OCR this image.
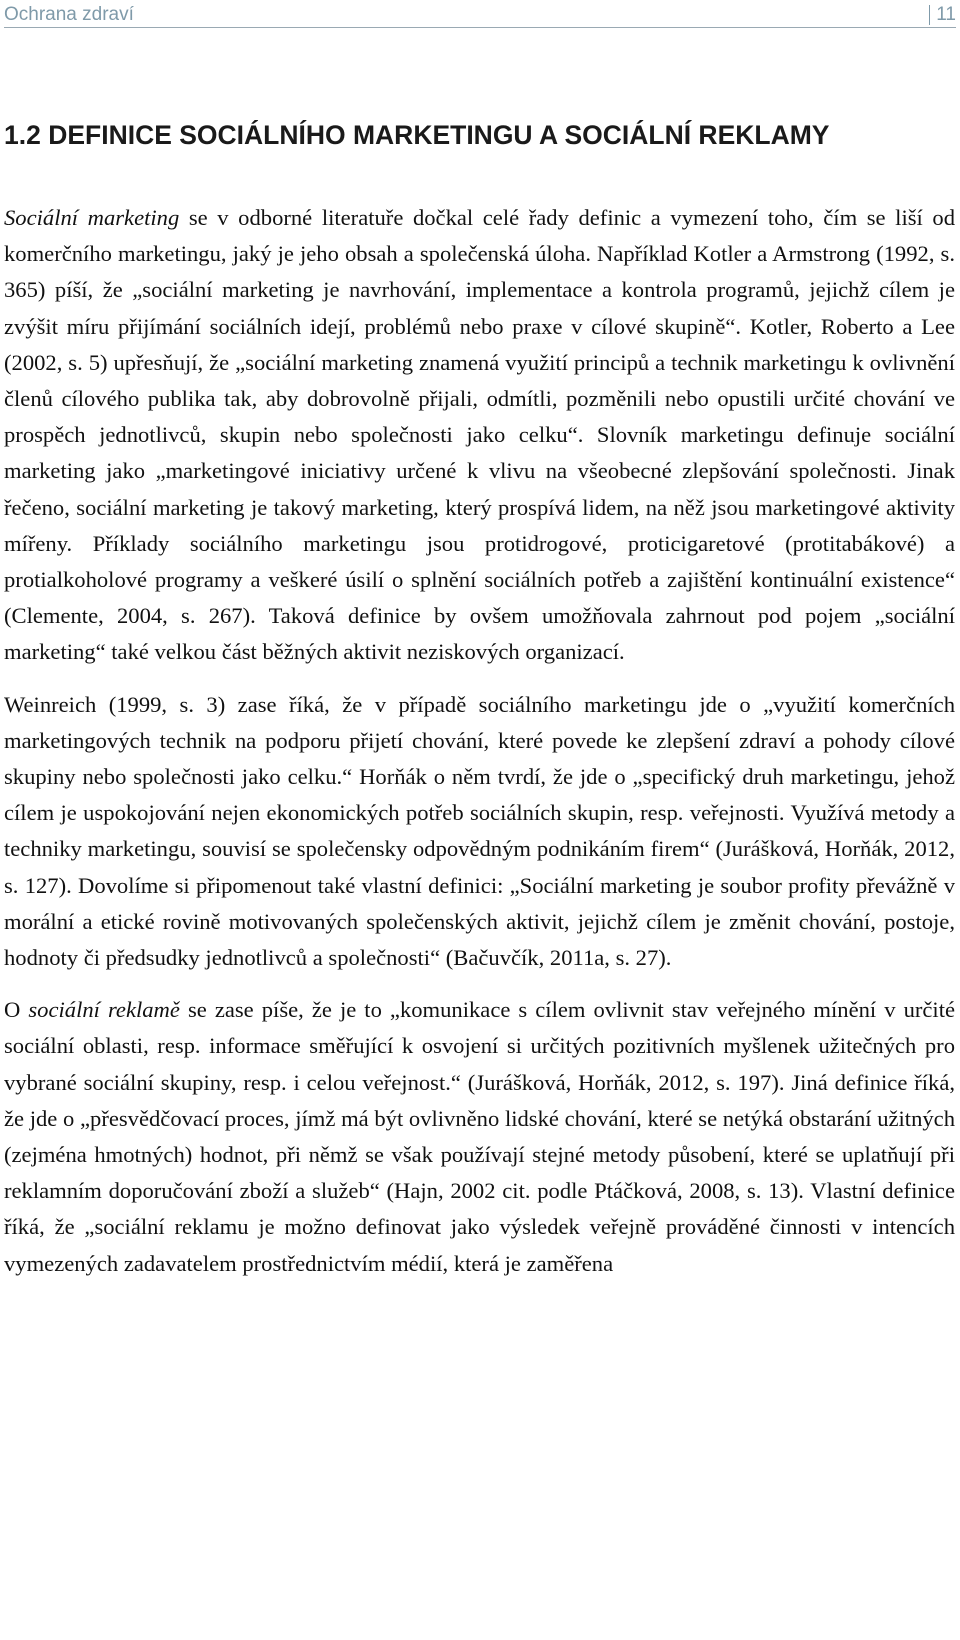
Ochrana zdraví	11
1.2 DEFINICE SOCIÁLNÍHO MARKETINGU A SOCIÁLNÍ REKLAMY

Sociální marketing se v odborné literatuře dočkal celé řady definic a vymezení toho, čím se liší od komerčního marketingu, jaký je jeho obsah a společenská úloha. Například Kotler a Armstrong (1992, s. 365) píší, že „sociální marketing je navrhování, implementace a kontrola programů, jejichž cílem je zvýšit míru přijímání sociálních idejí, problémů nebo praxe v cílové skupině“. Kotler, Roberto a Lee (2002, s. 5) upřesňují, že „sociální marketing znamená využití principů a technik marketingu k ovlivnění členů cílového publika tak, aby dobrovolně přijali, odmítli, pozměnili nebo opustili určité chování ve prospěch jednotlivců, skupin nebo společnosti jako celku“. Slovník marketingu definuje sociální marketing jako „marketingové iniciativy určené k vlivu na všeobecné zlepšování společnosti. Jinak řečeno, sociální marketing je takový marketing, který prospívá lidem, na něž jsou marketingové aktivity mířeny. Příklady sociálního marketingu jsou protidrogové, proticigaretové (protitabákové) a protialkoholové programy a veškeré úsilí o splnění sociálních potřeb a zajištění kontinuální existence“ (Clemente, 2004, s. 267). Taková definice by ovšem umožňovala zahrnout pod pojem „sociální marketing“ také velkou část běžných aktivit neziskových organizací.

Weinreich (1999, s. 3) zase říká, že v případě sociálního marketingu jde o „využití komerčních marketingových technik na podporu přijetí chování, které povede ke zlepšení zdraví a pohody cílové skupiny nebo společnosti jako celku.“ Horňák o něm tvrdí, že jde o „specifický druh marketingu, jehož cílem je uspokojování nejen ekonomických potřeb sociálních skupin, resp. veřejnosti. Využívá metody a techniky marketingu, souvisí se společensky odpovědným podnikáním firem“ (Jurášková, Horňák, 2012, s. 127). Dovolíme si připomenout také vlastní definici: „Sociální marketing je soubor profity převážně v morální a etické rovině motivovaných společenských aktivit, jejichž cílem je změnit chování, postoje, hodnoty či předsudky jednotlivců a společnosti“ (Bačuvčík, 2011a, s. 27).

O sociální reklamě se zase píše, že je to „komunikace s cílem ovlivnit stav veřejného mínění v určité sociální oblasti, resp. informace směřující k osvojení si určitých pozitivních myšlenek užitečných pro vybrané sociální skupiny, resp. i celou veřejnost.“ (Jurášková, Horňák, 2012, s. 197). Jiná definice říká, že jde o „přesvědčovací proces, jímž má být ovlivněno lidské chování, které se netýká obstarání užitných (zejména hmotných) hodnot, při němž se však používají stejné metody působení, které se uplatňují při reklamním doporučování zboží a služeb“ (Hajn, 2002 cit. podle Ptáčková, 2008, s. 13). Vlastní definice říká, že „sociální reklamu je možno definovat jako výsledek veřejně prováděné činnosti v intencích vymezených zadavatelem prostřednictvím médií, která je zaměřena
